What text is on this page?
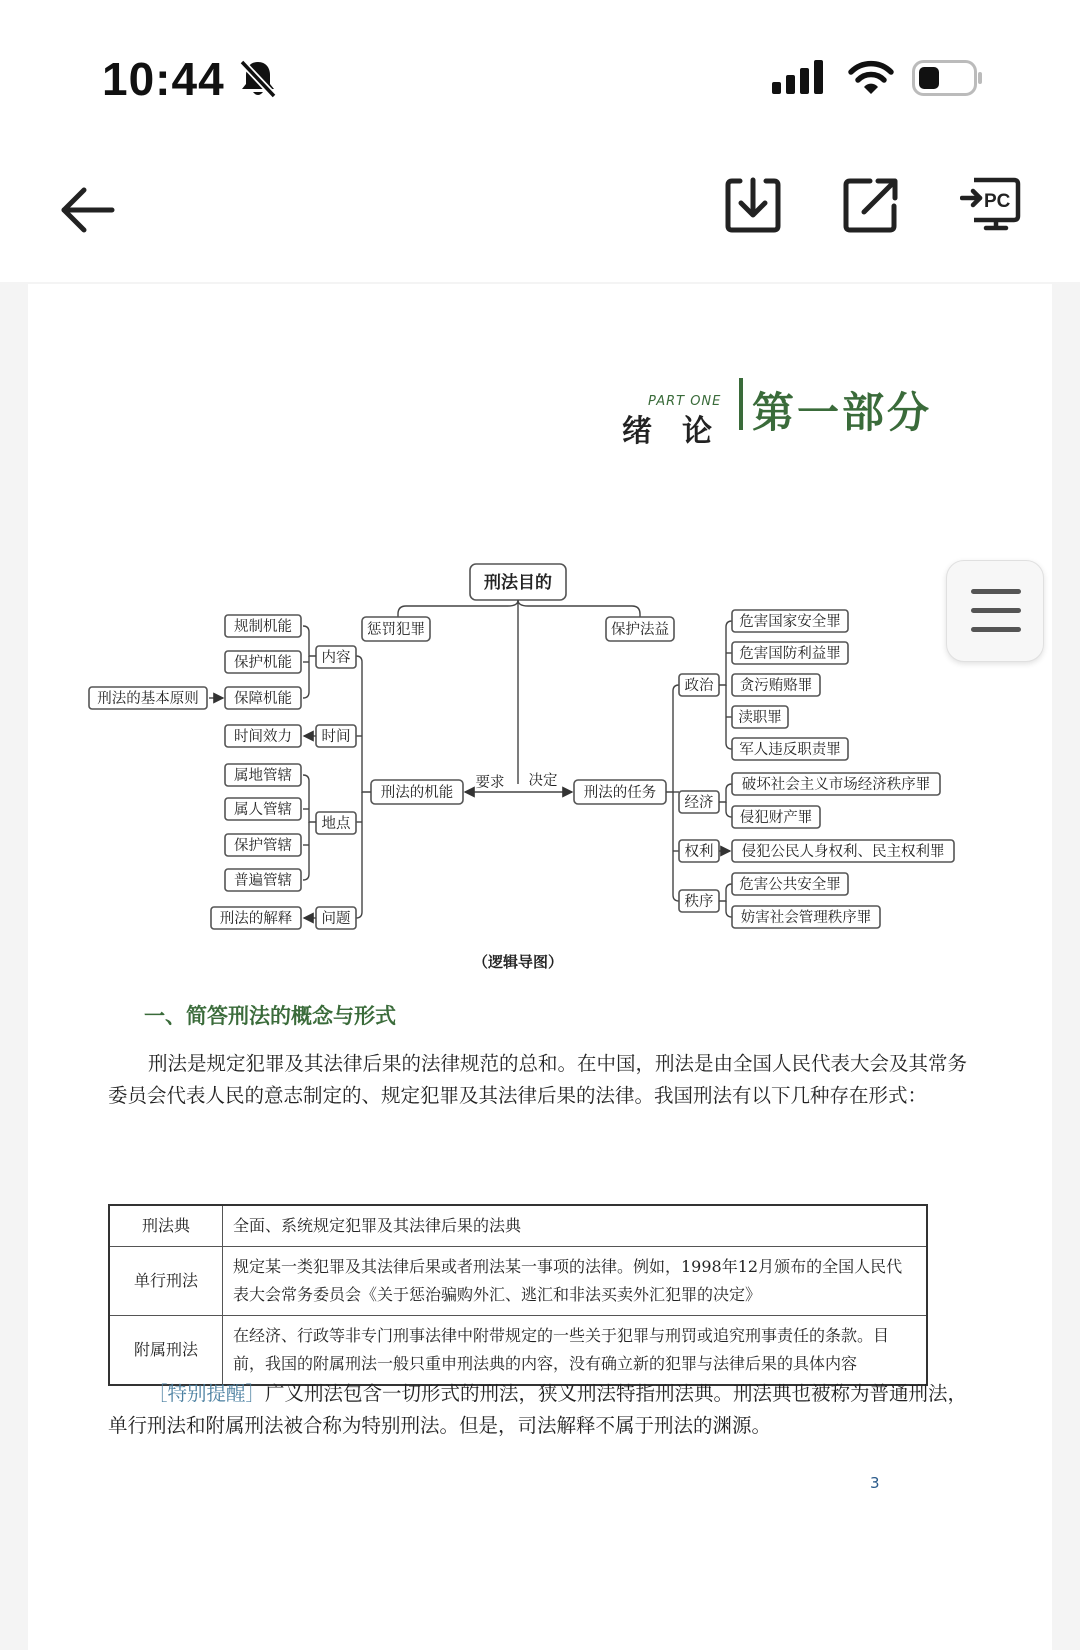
10:44
PC
PART ONE
绪　论 第一部分
刑法目的
惩罚犯罪	保护法益
要求 决定
刑法的机能	刑法的任务
内容
时间
地点
问题
规制机能
保护机能
保障机能
刑法的基本原则
时间效力
属地管辖
属人管辖
保护管辖
普遍管辖
刑法的解释
政治
经济
权利
秩序
危害国家安全罪
危害国防利益罪
贪污贿赂罪
渎职罪
军人违反职责罪
破坏社会主义市场经济秩序罪
侵犯财产罪
侵犯公民人身权利、民主权利罪
危害公共安全罪
妨害社会管理秩序罪
（逻辑导图）
一、简答刑法的概念与形式

刑法是规定犯罪及其法律后果的法律规范的总和。在中国，刑法是由全国人民代表大会及其常务委员会代表人民的意志制定的、规定犯罪及其法律后果的法律。我国刑法有以下几种存在形式：

刑法典	全面、系统规定犯罪及其法律后果的法典
单行刑法	规定某一类犯罪及其法律后果或者刑法某一事项的法律。例如，1998年12月颁布的全国人民代表大会常务委员会《关于惩治骗购外汇、逃汇和非法买卖外汇犯罪的决定》
附属刑法	在经济、行政等非专门刑事法律中附带规定的一些关于犯罪与刑罚或追究刑事责任的条款。目前，我国的附属刑法一般只重申刑法典的内容，没有确立新的犯罪与法律后果的具体内容

［特别提醒］广义刑法包含一切形式的刑法，狭义刑法特指刑法典。刑法典也被称为普通刑法，单行刑法和附属刑法被合称为特别刑法。但是，司法解释不属于刑法的渊源。

3
